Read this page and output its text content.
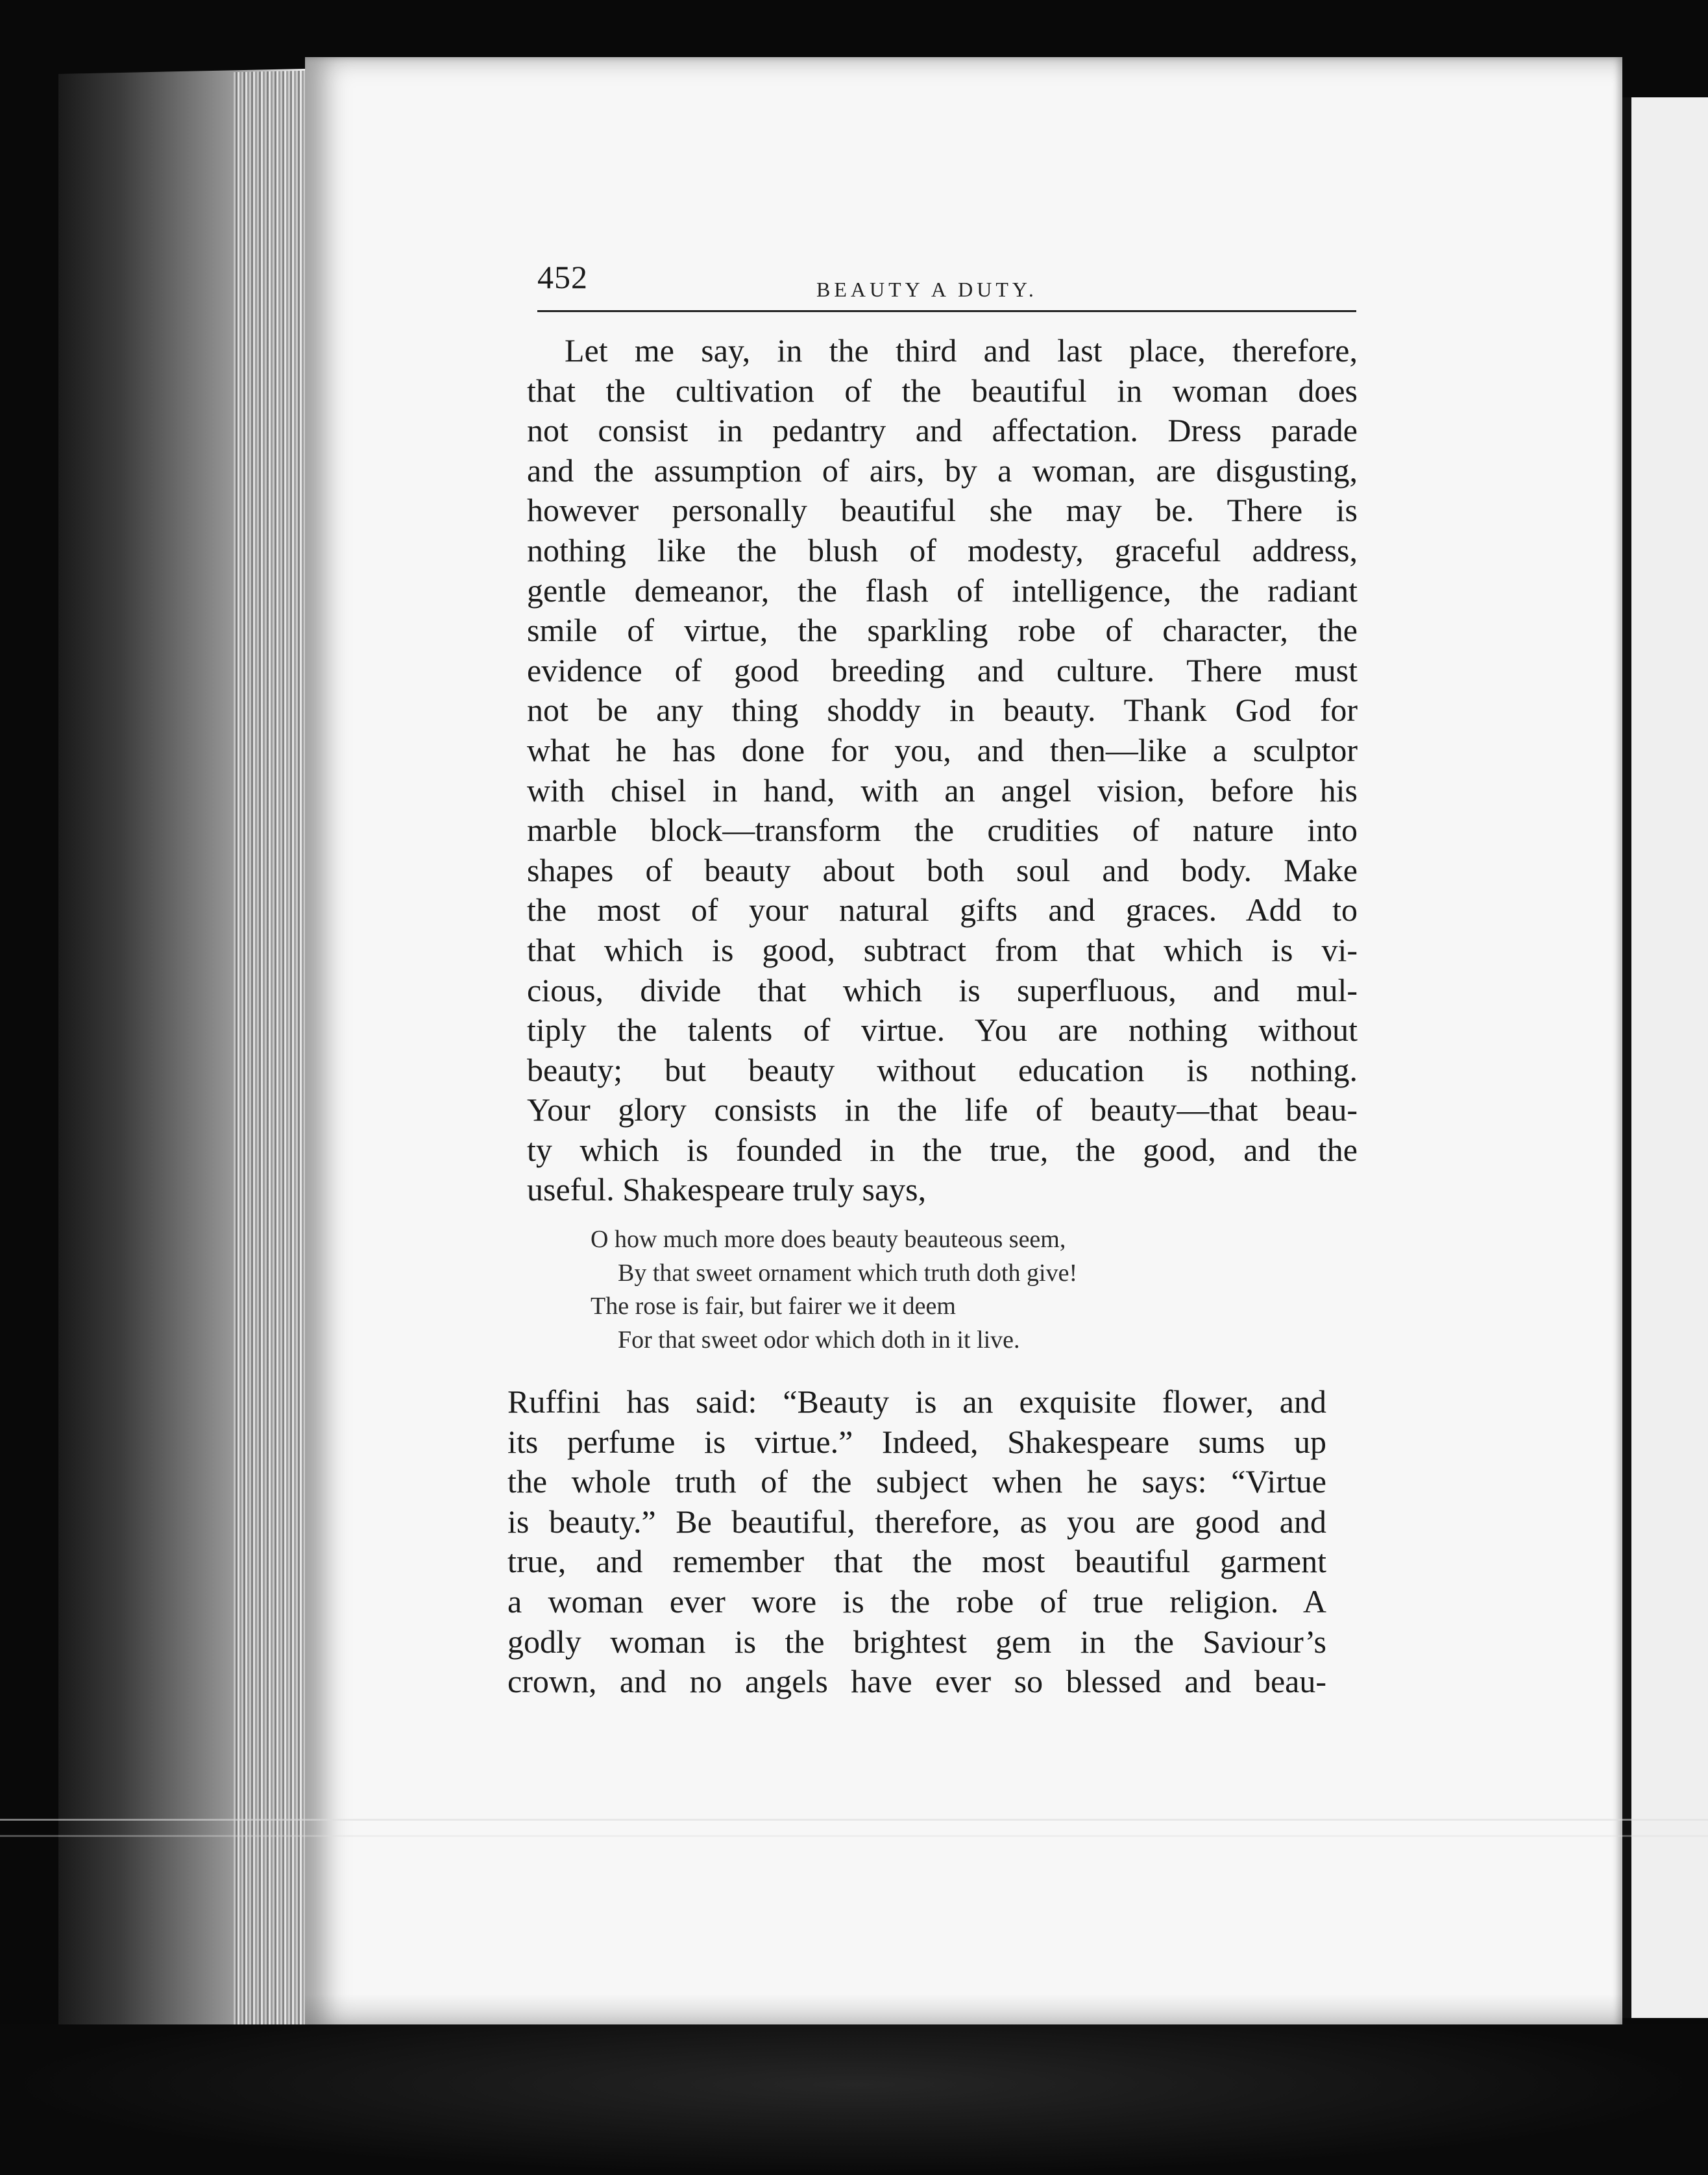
452	BEAUTY A DUTY.
Let me say, in the third and last place, therefore,
that the cultivation of the beautiful in woman does
not consist in pedantry and affectation. Dress parade
and the assumption of airs, by a woman, are disgusting,
however personally beautiful she may be. There is
nothing like the blush of modesty, graceful address,
gentle demeanor, the flash of intelligence, the radiant
smile of virtue, the sparkling robe of character, the
evidence of good breeding and culture. There must
not be any thing shoddy in beauty. Thank God for
what he has done for you, and then—like a sculptor
with chisel in hand, with an angel vision, before his
marble block—transform the crudities of nature into
shapes of beauty about both soul and body. Make
the most of your natural gifts and graces. Add to
that which is good, subtract from that which is vi-
cious, divide that which is superfluous, and mul-
tiply the talents of virtue. You are nothing without
beauty; but beauty without education is nothing.
Your glory consists in the life of beauty—that beau-
ty which is founded in the true, the good, and the
useful. Shakespeare truly says,
O how much more does beauty beauteous seem,
By that sweet ornament which truth doth give!
The rose is fair, but fairer we it deem
For that sweet odor which doth in it live.
Ruffini has said: “Beauty is an exquisite flower, and
its perfume is virtue.” Indeed, Shakespeare sums up
the whole truth of the subject when he says: “Virtue
is beauty.” Be beautiful, therefore, as you are good and
true, and remember that the most beautiful garment
a woman ever wore is the robe of true religion. A
godly woman is the brightest gem in the Saviour’s
crown, and no angels have ever so blessed and beau-
